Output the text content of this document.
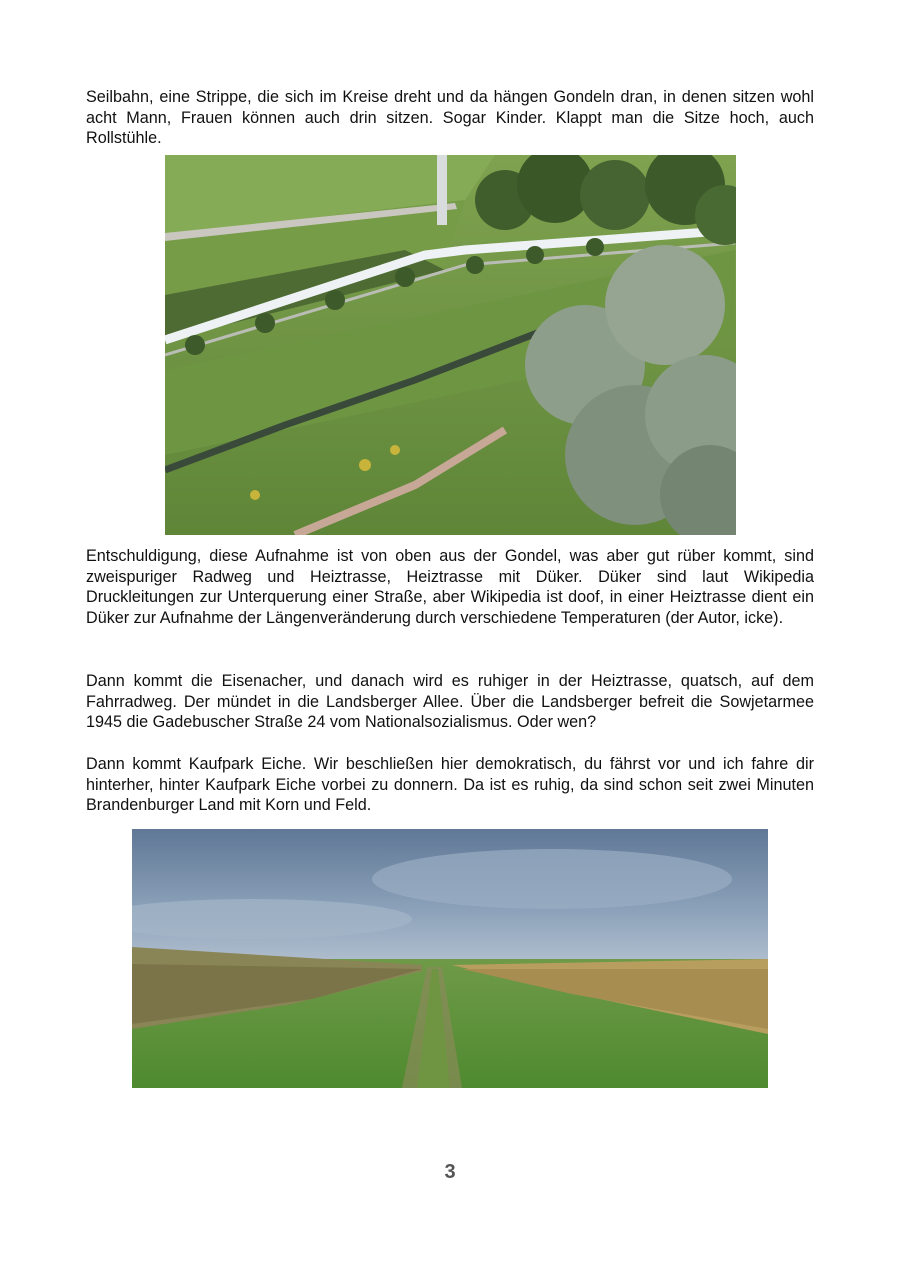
Seilbahn, eine Strippe, die sich im Kreise dreht und da hängen Gondeln dran, in denen sitzen wohl acht Mann, Frauen können auch drin sitzen. Sogar Kinder. Klappt man die Sitze hoch, auch Rollstühle.

Entschuldigung, diese Aufnahme ist von oben aus der Gondel, was aber gut rüber kommt, sind zweispuriger Radweg und Heiztrasse, Heiztrasse mit Düker. Düker sind laut Wikipedia Druckleitungen zur Unterquerung einer Straße, aber Wikipedia ist doof, in einer Heiztrasse dient ein Düker zur Aufnahme der Längenveränderung durch verschiedene Temperaturen (der Autor, icke).

Dann kommt die Eisenacher, und danach wird es ruhiger in der Heiztrasse, quatsch, auf dem Fahrradweg. Der mündet in die Landsberger Allee. Über die Landsberger befreit die Sowjetarmee 1945 die Gadebuscher Straße 24 vom Nationalsozialismus. Oder wen?

Dann kommt Kaufpark Eiche. Wir beschließen hier demokratisch, du fährst vor und ich fahre dir hinterher, hinter Kaufpark Eiche vorbei zu donnern. Da ist es ruhig, da sind schon seit zwei Minuten Brandenburger Land mit Korn und Feld.

3
